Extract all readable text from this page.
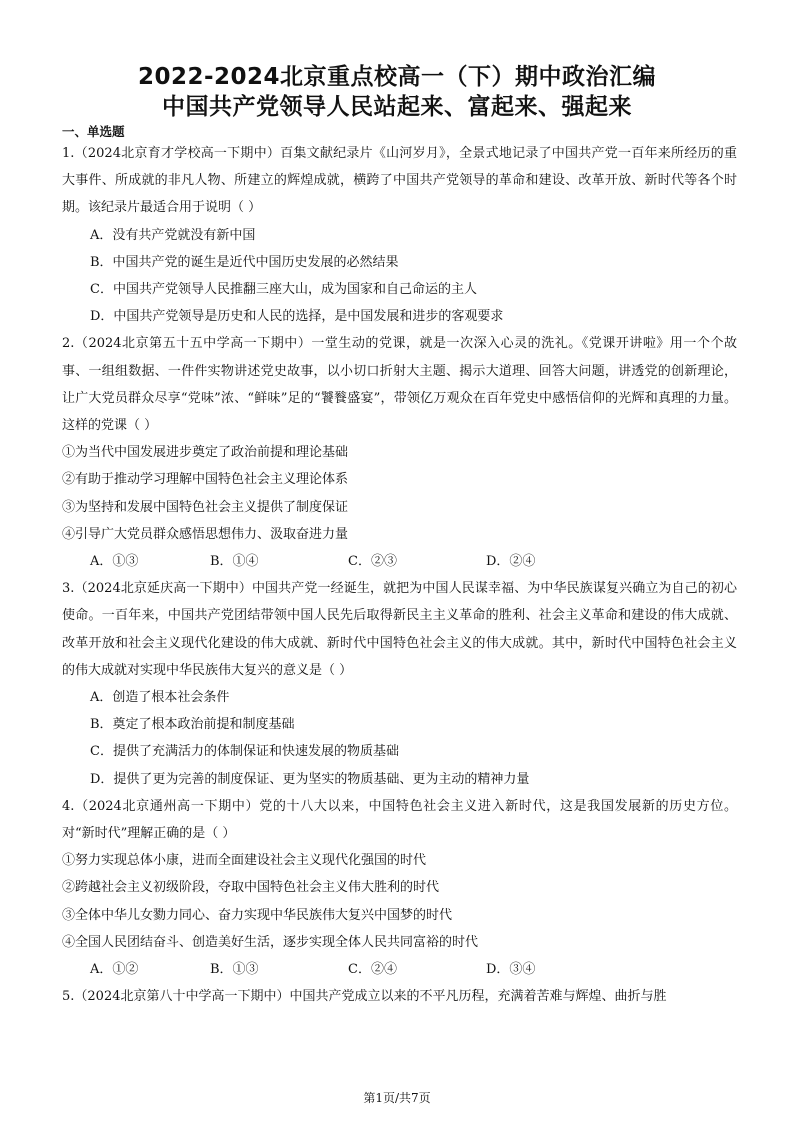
2022-2024北京重点校高一（下）期中政治汇编
中国共产党领导人民站起来、富起来、强起来
一、单选题

1.（2024北京育才学校高一下期中）百集文献纪录片《山河岁月》，全景式地记录了中国共产党一百年来所经历的重大事件、所成就的非凡人物、所建立的辉煌成就，横跨了中国共产党领导的革命和建设、改革开放、新时代等各个时期。该纪录片最适合用于说明（ ）

A．没有共产党就没有新中国

B．中国共产党的诞生是近代中国历史发展的必然结果

C．中国共产党领导人民推翻三座大山，成为国家和自己命运的主人

D．中国共产党领导是历史和人民的选择，是中国发展和进步的客观要求

2.（2024北京第五十五中学高一下期中）一堂生动的党课，就是一次深入心灵的洗礼。《党课开讲啦》用一个个故事、一组组数据、一件件实物讲述党史故事，以小切口折射大主题、揭示大道理、回答大问题，讲透党的创新理论，让广大党员群众尽享“党味”浓、“鲜味”足的“饕餮盛宴”，带领亿万观众在百年党史中感悟信仰的光辉和真理的力量。这样的党课（ ）

①为当代中国发展进步奠定了政治前提和理论基础

②有助于推动学习理解中国特色社会主义理论体系

③为坚持和发展中国特色社会主义提供了制度保证

④引导广大党员群众感悟思想伟力、汲取奋进力量

A．①③	B．①④	C．②③	D．②④

3.（2024北京延庆高一下期中）中国共产党一经诞生，就把为中国人民谋幸福、为中华民族谋复兴确立为自己的初心使命。一百年来，中国共产党团结带领中国人民先后取得新民主主义革命的胜利、社会主义革命和建设的伟大成就、改革开放和社会主义现代化建设的伟大成就、新时代中国特色社会主义的伟大成就。其中，新时代中国特色社会主义的伟大成就对实现中华民族伟大复兴的意义是（ ）

A．创造了根本社会条件

B．奠定了根本政治前提和制度基础

C．提供了充满活力的体制保证和快速发展的物质基础

D．提供了更为完善的制度保证、更为坚实的物质基础、更为主动的精神力量

4.（2024北京通州高一下期中）党的十八大以来，中国特色社会主义进入新时代，这是我国发展新的历史方位。对“新时代”理解正确的是（ ）

①努力实现总体小康，进而全面建设社会主义现代化强国的时代

②跨越社会主义初级阶段，夺取中国特色社会主义伟大胜利的时代

③全体中华儿女勠力同心、奋力实现中华民族伟大复兴中国梦的时代

④全国人民团结奋斗、创造美好生活，逐步实现全体人民共同富裕的时代

A．①②	B．①③	C．②④	D．③④

5.（2024北京第八十中学高一下期中）中国共产党成立以来的不平凡历程，充满着苦难与辉煌、曲折与胜

第1页/共7页
